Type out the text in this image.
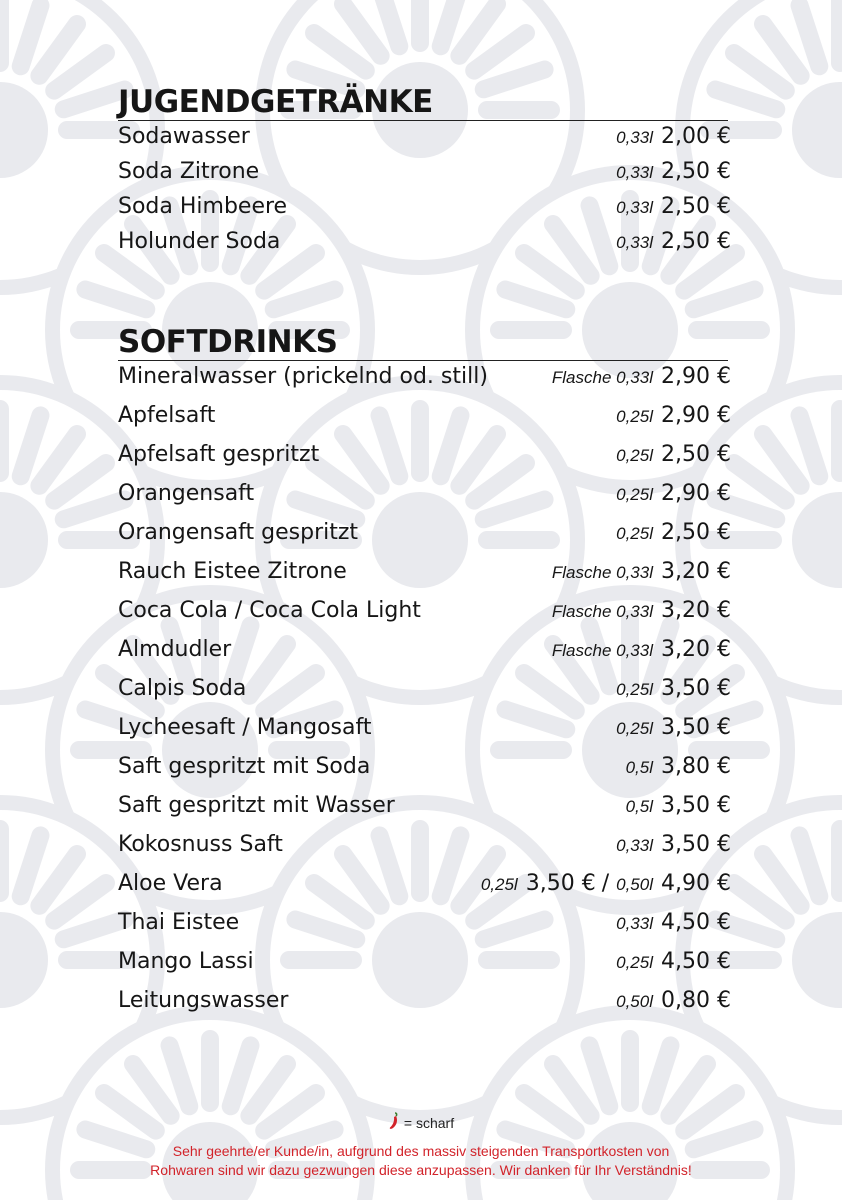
JUGENDGETRÄNKE
Sodawasser	0,33l 2,00 €
Soda Zitrone	0,33l 2,50 €
Soda Himbeere	0,33l 2,50 €
Holunder Soda	0,33l 2,50 €
SOFTDRINKS
Mineralwasser (prickelnd od. still)	Flasche 0,33l 2,90 €
Apfelsaft	0,25l 2,90 €
Apfelsaft gespritzt	0,25l 2,50 €
Orangensaft	0,25l 2,90 €
Orangensaft gespritzt	0,25l 2,50 €
Rauch Eistee Zitrone	Flasche 0,33l 3,20 €
Coca Cola / Coca Cola Light	Flasche 0,33l 3,20 €
Almdudler	Flasche 0,33l 3,20 €
Calpis Soda	0,25l 3,50 €
Lycheesaft / Mangosaft	0,25l 3,50 €
Saft gespritzt mit Soda	0,5l 3,80 €
Saft gespritzt mit Wasser	0,5l 3,50 €
Kokosnuss Saft	0,33l 3,50 €
Aloe Vera	0,25l 3,50 € / 0,50l 4,90 €
Thai Eistee	0,33l 4,50 €
Mango Lassi	0,25l 4,50 €
Leitungswasser	0,50l 0,80 €
= scharf
Sehr geehrte/er Kunde/in, aufgrund des massiv steigenden Transportkosten von
Rohwaren sind wir dazu gezwungen diese anzupassen. Wir danken für Ihr Verständnis!
